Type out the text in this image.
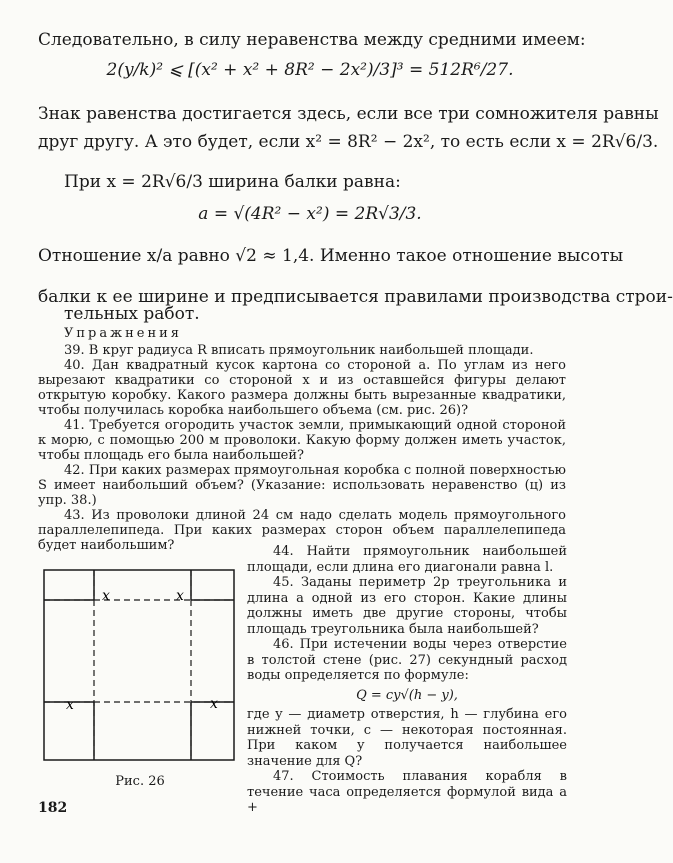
Следовательно, в силу неравенства между средними имеем:
2(y/k)² ⩽ [(x² + x² + 8R² − 2x²)/3]³ = 512R⁶/27.
Знак равенства достигается здесь, если все три сомножителя равны
друг другу. А это будет, если x² = 8R² − 2x², то есть если x = 2R√6/3.
При x = 2R√6/3 ширина балки равна:
a = √(4R² − x²) = 2R√3/3.
Отношение x/a равно √2 ≈ 1,4. Именно такое отношение высоты
балки к ее ширине и предписывается правилами производства строи-
тельных работ.
Упражнения

39. В круг радиуса R вписать прямоугольник наибольшей площади.

40. Дан квадратный кусок картона со стороной a. По углам из него вырезают квадратики со стороной x и из оставшейся фигуры делают открытую коробку. Какого размера должны быть вырезанные квадратики, чтобы получилась коробка наибольшего объема (см. рис. 26)?

41. Требуется огородить участок земли, примыкающий одной стороной к морю, с помощью 200 м проволоки. Какую форму должен иметь участок, чтобы площадь его была наибольшей?

42. При каких размерах прямоугольная коробка с полной поверхностью S имеет наибольший объем? (Указание: использовать неравенство (ц) из упр. 38.)

43. Из проволоки длиной 24 см надо сделать модель прямоугольного параллелепипеда. При каких размерах сторон объем параллелепипеда будет наибольшим?

x	x
x	x
Рис. 26

44. Найти прямоугольник наибольшей площади, если длина его диагонали равна l.

45. Заданы периметр 2p треугольника и длина a одной из его сторон. Какие длины должны иметь две другие стороны, чтобы площадь треугольника была наибольшей?

46. При истечении воды через отверстие в толстой стене (рис. 27) секундный расход воды определяется по формуле:

Q = cy√(h − y),

где y — диаметр отверстия, h — глубина его нижней точки, c — некоторая постоянная. При каком y получается наибольшее значение для Q?

47. Стоимость плавания корабля в течение часа определяется формулой вида a +

182
